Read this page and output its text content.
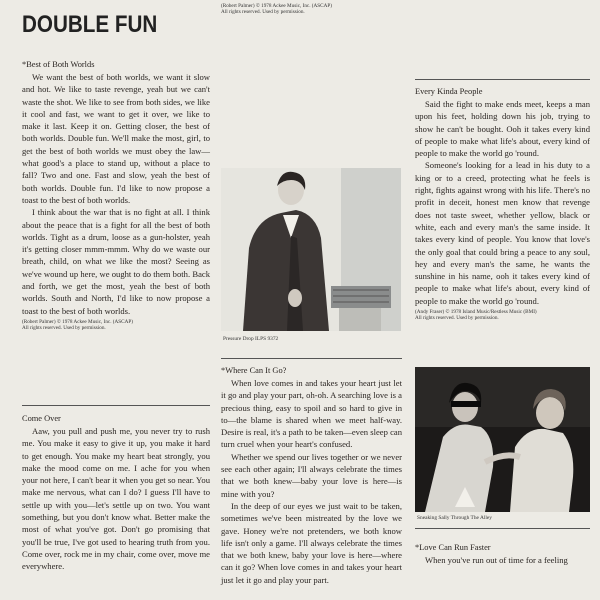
DOUBLE FUN
*Best of Both Worlds

We want the best of both worlds, we want it slow and hot. We like to taste revenge, yeah but we can't waste the shot. We like to see from both sides, we like it cool and fast, we want to get it over, we like to make it last. Keep it on. Getting closer, the best of both worlds. Double fun. We'll make the most, girl, to get the best of both worlds we must obey the law—what good's a place to stand up, without a place to fall? Two and one. Fast and slow, yeah the best of both worlds. Double fun. I'd like to now propose a toast to the best of both worlds.

I think about the war that is no fight at all. I think about the peace that is a fight for all the best of both worlds. Tight as a drum, loose as a gun-holster, yeah it's getting closer mmm-mmm. Why do we waste our breath, child, on what we like the most? Seeing as we've wound up here, we ought to do them both. Back and forth, we get the most, yeah the best of both worlds. South and North, I'd like to now propose a toast to the best of both worlds.

(Robert Palmer) © 1978 Ackee Music, Inc. (ASCAP)
All rights reserved. Used by permission.
Come Over

Aaw, you pull and push me, you never try to rush me. You make it easy to give it up, you make it hard to get enough. You make my heart beat strongly, you make the mood come on me. I ache for you when your not here, I can't bear it when you get so near. You make me nervous, what can I do? I guess I'll have to settle up with you—let's settle up on two. You want something, but you don't know what. Better make the most of what you've got. Don't go promising that you'll be true, I've got used to hearing truth from you. Come over, rock me in my chair, come over, move me everywhere.

(Robert Palmer) © 1978 Ackee Music, Inc. (ASCAP)
All rights reserved. Used by permission.
Pressure Drop ILPS 9372
*Where Can It Go?

When love comes in and takes your heart just let it go and play your part, oh-oh. A searching love is a precious thing, easy to spoil and so hard to give in to—the blame is shared when we meet half-way. Desire is real, it's a path to be taken—even sleep can turn cruel when your heart's confused.

Whether we spend our lives together or we never see each other again; I'll always celebrate the times that we both knew—baby your love is here—is mine with you?

In the deep of our eyes we just wait to be taken, sometimes we've been mistreated by the love we gave. Honey we're not pretenders, we both know life isn't only a game. I'll always celebrate the times that we both knew, baby your love is here—where can it go? When love comes in and takes your heart just let it go and play your part.

Every Kinda People

Said the fight to make ends meet, keeps a man upon his feet, holding down his job, trying to show he can't be bought. Ooh it takes every kind of people to make what life's about, every kind of people to make the world go 'round.

Someone's looking for a lead in his duty to a king or to a creed, protecting what he feels is right, fights against wrong with his life. There's no profit in deceit, honest men know that revenge does not taste sweet, whether yellow, black or white, each and every man's the same inside. It takes every kind of people. You know that love's the only goal that could bring a peace to any soul, hey and every man's the same, he wants the sunshine in his name, ooh it takes every kind of people to make what life's about, every kind of people to make the world go 'round.

(Andy Fraser) © 1978 Island Music/Restless Music (BMI)
All rights reserved. Used by permission.
Sneaking Sally Through The Alley
*Love Can Run Faster

When you've run out of time for a feeling
